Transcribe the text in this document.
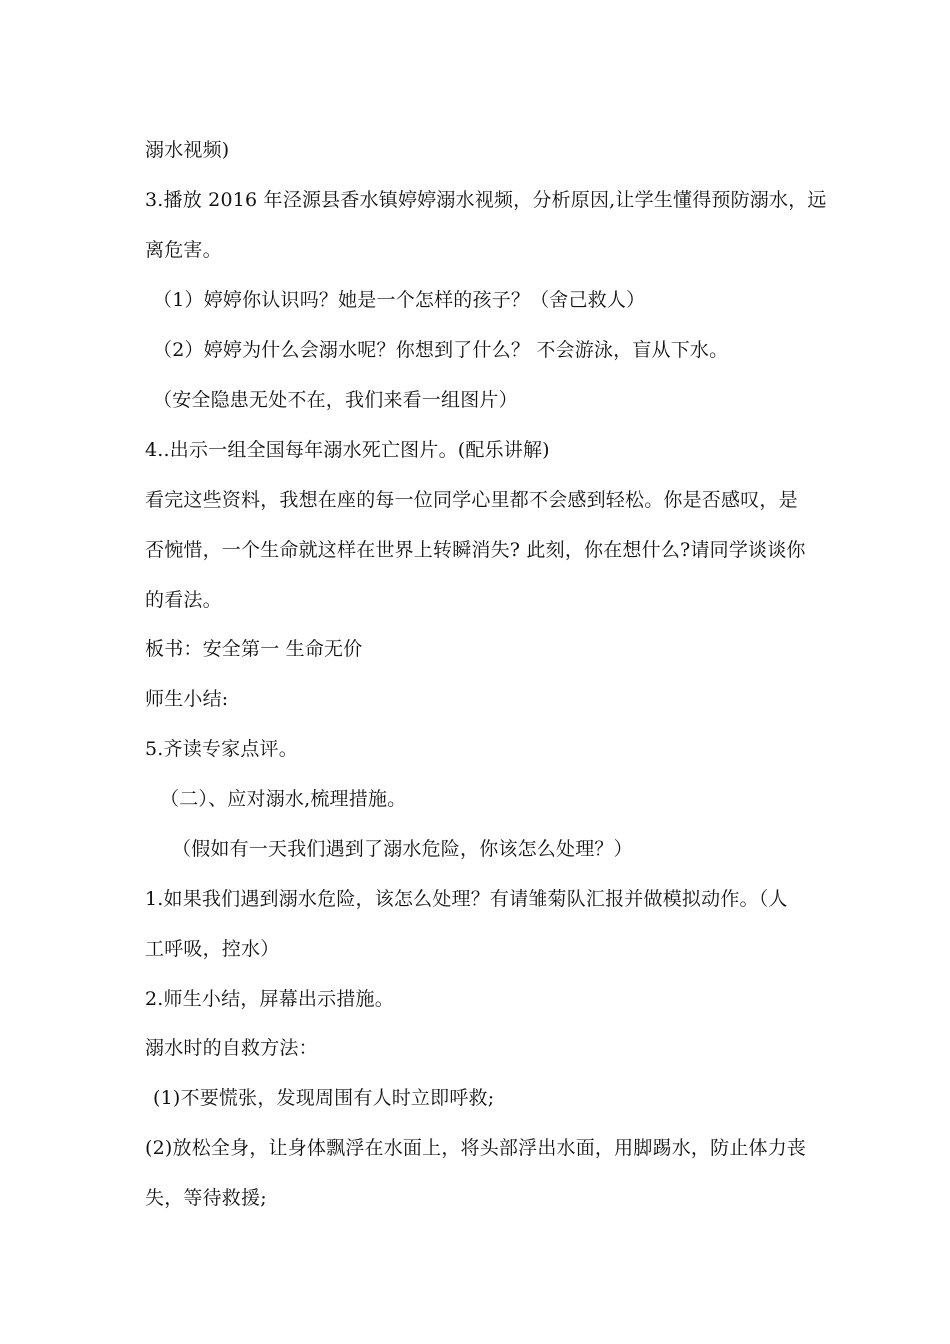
溺水视频)
3.播放 2016 年泾源县香水镇婷婷溺水视频，分析原因,让学生懂得预防溺水，远
离危害。
（1）婷婷你认识吗？她是一个怎样的孩子？（舍己救人）
（2）婷婷为什么会溺水呢？你想到了什么？ 不会游泳，盲从下水。
（安全隐患无处不在，我们来看一组图片）
4..出示一组全国每年溺水死亡图片。(配乐讲解)
看完这些资料，我想在座的每一位同学心里都不会感到轻松。你是否感叹，是
否惋惜，一个生命就这样在世界上转瞬消失? 此刻，你在想什么?请同学谈谈你
的看法。
板书：安全第一 生命无价
师生小结:
5.齐读专家点评。
（二）、应对溺水,梳理措施。
（假如有一天我们遇到了溺水危险，你该怎么处理？）
1.如果我们遇到溺水危险，该怎么处理？有请雏菊队汇报并做模拟动作。（人
工呼吸，控水）
2.师生小结，屏幕出示措施。
溺水时的自救方法：
(1)不要慌张，发现周围有人时立即呼救;
(2)放松全身，让身体飘浮在水面上，将头部浮出水面，用脚踢水，防止体力丧
失，等待救援;
